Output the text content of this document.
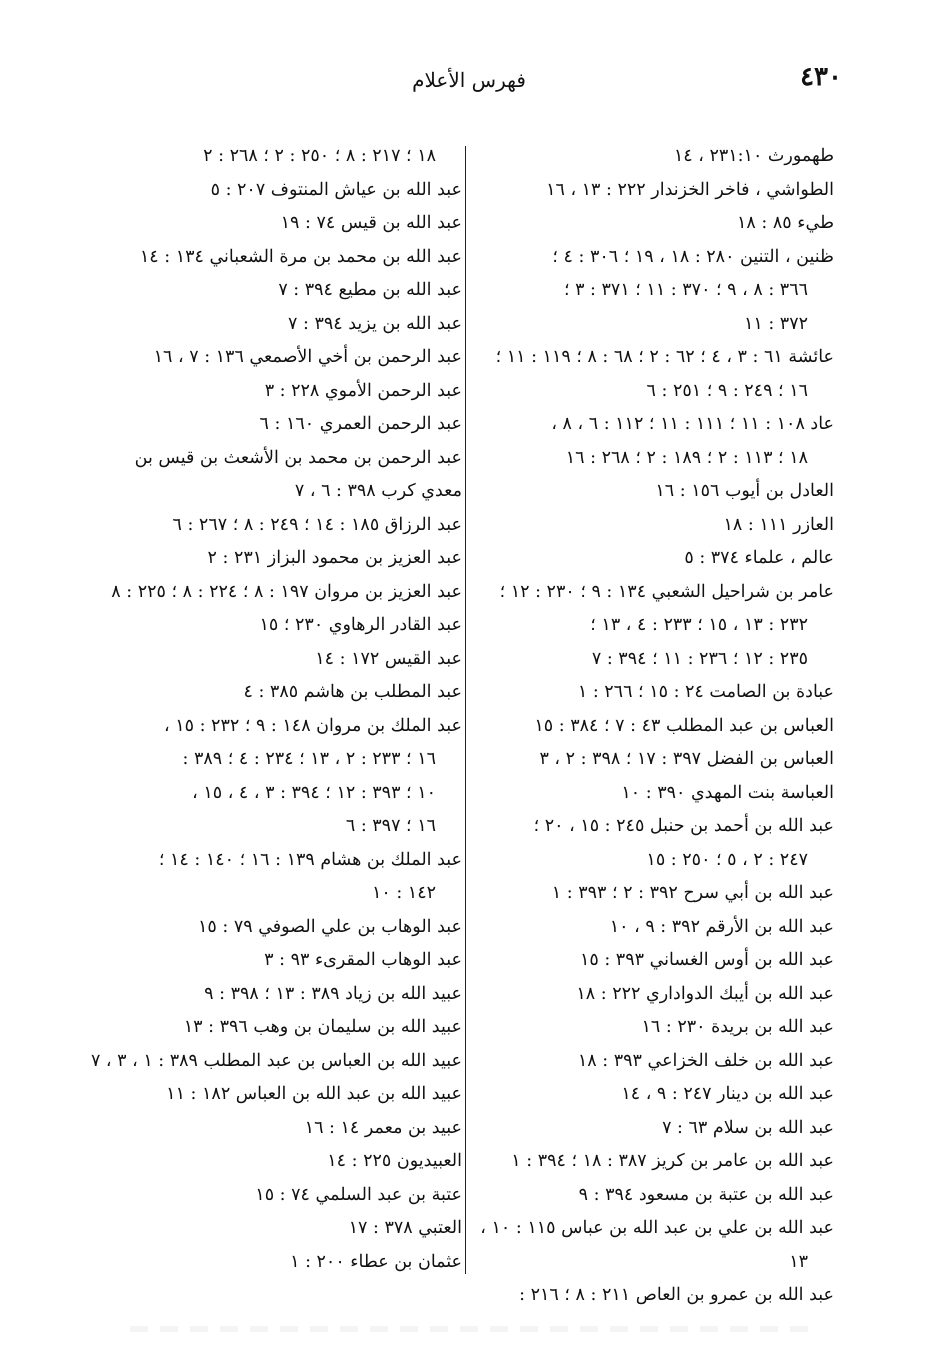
٤٣٠
فهرس الأعلام
طهمورث ٢٣١:١٠ ، ١٤
الطواشي ، فاخر الخزندار ٢٢٢ : ١٣ ، ١٦
طيء ٨٥ : ١٨
ظنين ، التنين ٢٨٠ : ١٨ ، ١٩ ؛ ٣٠٦ : ٤ ؛
٣٦٦ : ٨ ، ٩ ؛ ٣٧٠ : ١١ ؛ ٣٧١ : ٣ ؛
٣٧٢ : ١١
عائشة ٦١ : ٣ ، ٤ ؛ ٦٢ : ٢ ؛ ٦٨ : ٨ ؛ ١١٩ : ١١ ؛
١٦ ؛ ٢٤٩ : ٩ ؛ ٢٥١ : ٦
عاد ١٠٨ : ١١ ؛ ١١١ : ١١ ؛ ١١٢ : ٦ ، ٨ ،
١٨ ؛ ١١٣ : ٢ ؛ ١٨٩ : ٢ ؛ ٢٦٨ : ١٦
العادل بن أيوب ١٥٦ : ١٦
العازر ١١١ : ١٨
عالم ، علماء ٣٧٤ : ٥
عامر بن شراحيل الشعبي ١٣٤ : ٩ ؛ ٢٣٠ : ١٢ ؛
٢٣٢ : ١٣ ، ١٥ ؛ ٢٣٣ : ٤ ، ١٣ ؛
٢٣٥ : ١٢ ؛ ٢٣٦ : ١١ ؛ ٣٩٤ : ٧
عبادة بن الصامت ٢٤ : ١٥ ؛ ٢٦٦ : ١
العباس بن عبد المطلب ٤٣ : ٧ ؛ ٣٨٤ : ١٥
العباس بن الفضل ٣٩٧ : ١٧ ؛ ٣٩٨ : ٢ ، ٣
العباسة بنت المهدي ٣٩٠ : ١٠
عبد الله بن أحمد بن حنبل ٢٤٥ : ١٥ ، ٢٠ ؛
٢٤٧ : ٢ ، ٥ ؛ ٢٥٠ : ١٥
عبد الله بن أبي سرح ٣٩٢ : ٢ ؛ ٣٩٣ : ١
عبد الله بن الأرقم ٣٩٢ : ٩ ، ١٠
عبد الله بن أوس الغساني ٣٩٣ : ١٥
عبد الله بن أيبك الدواداري ٢٢٢ : ١٨
عبد الله بن بريدة ٢٣٠ : ١٦
عبد الله بن خلف الخزاعي ٣٩٣ : ١٨
عبد الله بن دينار ٢٤٧ : ٩ ، ١٤
عبد الله بن سلام ٦٣ : ٧
عبد الله بن عامر بن كريز ٣٨٧ : ١٨ ؛ ٣٩٤ : ١
عبد الله بن عتبة بن مسعود ٣٩٤ : ٩
عبد الله بن علي بن عبد الله بن عباس ١١٥ : ١٠ ،
١٣
عبد الله بن عمرو بن العاص ٢١١ : ٨ ؛ ٢١٦ :
١٨ ؛ ٢١٧ : ٨ ؛ ٢٥٠ : ٢ ؛ ٢٦٨ : ٢
عبد الله بن عياش المنتوف ٢٠٧ : ٥
عبد الله بن قيس ٧٤ : ١٩
عبد الله بن محمد بن مرة الشعباني ١٣٤ : ١٤
عبد الله بن مطيع ٣٩٤ : ٧
عبد الله بن يزيد ٣٩٤ : ٧
عبد الرحمن بن أخي الأصمعي ١٣٦ : ٧ ، ١٦
عبد الرحمن الأموي ٢٢٨ : ٣
عبد الرحمن العمري ١٦٠ : ٦
عبد الرحمن بن محمد بن الأشعث بن قيس بن
معدي كرب ٣٩٨ : ٦ ، ٧
عبد الرزاق ١٨٥ : ١٤ ؛ ٢٤٩ : ٨ ؛ ٢٦٧ : ٦
عبد العزيز بن محمود البزاز ٢٣١ : ٢
عبد العزيز بن مروان ١٩٧ : ٨ ؛ ٢٢٤ : ٨ ؛ ٢٢٥ : ٨
عبد القادر الرهاوي ٢٣٠ ؛ ١٥
عبد القيس ١٧٢ : ١٤
عبد المطلب بن هاشم ٣٨٥ : ٤
عبد الملك بن مروان ١٤٨ : ٩ ؛ ٢٣٢ : ١٥ ،
١٦ ؛ ٢٣٣ : ٢ ، ١٣ ؛ ٢٣٤ : ٤ ؛ ٣٨٩ :
١٠ ؛ ٣٩٣ : ١٢ ؛ ٣٩٤ : ٣ ، ٤ ، ١٥ ،
١٦ ؛ ٣٩٧ : ٦
عبد الملك بن هشام ١٣٩ : ١٦ ؛ ١٤٠ : ١٤ ؛
١٤٢ : ١٠
عبد الوهاب بن علي الصوفي ٧٩ : ١٥
عبد الوهاب المقرىء ٩٣ : ٣
عبيد الله بن زياد ٣٨٩ : ١٣ ؛ ٣٩٨ : ٩
عبيد الله بن سليمان بن وهب ٣٩٦ : ١٣
عبيد الله بن العباس بن عبد المطلب ٣٨٩ : ١ ، ٣ ، ٧
عبيد الله بن عبد الله بن العباس ١٨٢ : ١١
عبيد بن معمر ١٤ : ١٦
العبيديون ٢٢٥ : ١٤
عتبة بن عبد السلمي ٧٤ : ١٥
العتبي ٣٧٨ : ١٧
عثمان بن عطاء ٢٠٠ : ١
